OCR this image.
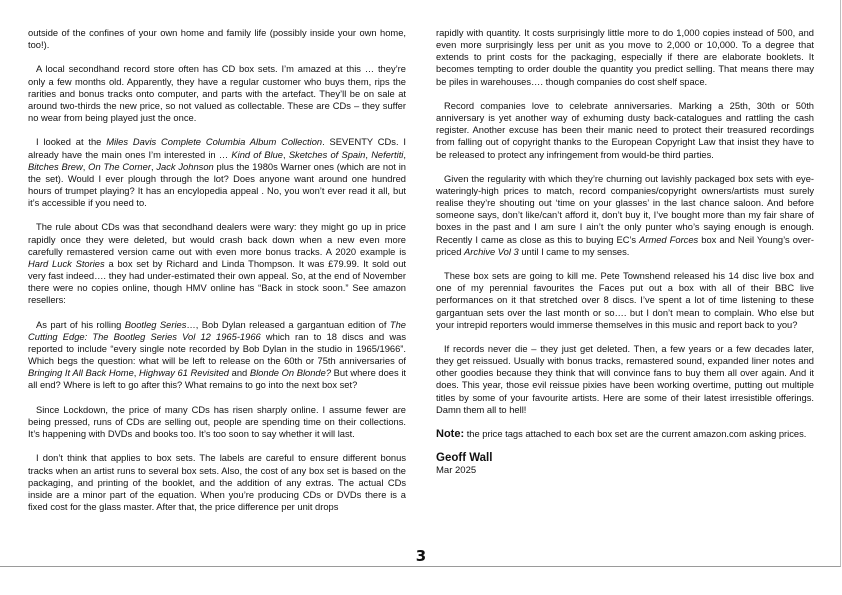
outside of the confines of your own home and family life (possibly inside your own home, too!).

A local secondhand record store often has CD box sets. I’m amazed at this … they’re only a few months old. Apparently, they have a regular customer who buys them, rips the rarities and bonus tracks onto computer, and parts with the artefact. They’ll be on sale at around two-thirds the new price, so not valued as collectable. These are CDs – they suffer no wear from being played just the once.

I looked at the Miles Davis Complete Columbia Album Collection. SEVENTY CDs. I already have the main ones I’m interested in … Kind of Blue, Sketches of Spain, Nefertiti, Bitches Brew, On The Corner, Jack Johnson plus the 1980s Warner ones (which are not in the set). Would I ever plough through the lot? Does anyone want around one hundred hours of trumpet playing? It has an encylopedia appeal . No, you won’t ever read it all, but it’s accessible if you need to.

The rule about CDs was that secondhand dealers were wary: they might go up in price rapidly once they were deleted, but would crash back down when a new even more carefully remastered version came out with even more bonus tracks. A 2020 example is Hard Luck Stories a box set by Richard and Linda Thompson. It was £79.99. It sold out very fast indeed…. they had under-estimated their own appeal. So, at the end of November there were no copies online, though HMV online has “Back in stock soon.” See amazon resellers:

As part of his rolling Bootleg Series…, Bob Dylan released a gargantuan edition of The Cutting Edge: The Bootleg Series Vol 12 1965-1966 which ran to 18 discs and was reported to include “every single note recorded by Bob Dylan in the studio in 1965/1966”. Which begs the question: what will be left to release on the 60th or 75th anniversaries of Bringing It All Back Home, Highway 61 Revisited and Blonde On Blonde? But where does it all end? Where is left to go after this? What remains to go into the next box set?

Since Lockdown, the price of many CDs has risen sharply online. I assume fewer are being pressed, runs of CDs are selling out, people are spending time on their collections. It’s happening with DVDs and books too. It’s too soon to say whether it will last.

I don’t think that applies to box sets. The labels are careful to ensure different bonus tracks when an artist runs to several box sets. Also, the cost of any box set is based on the packaging, and printing of the booklet, and the addition of any extras. The actual CDs inside are a minor part of the equation. When you’re producing CDs or DVDs there is a fixed cost for the glass master. After that, the price difference per unit drops

rapidly with quantity. It costs surprisingly little more to do 1,000 copies instead of 500, and even more surprisingly less per unit as you move to 2,000 or 10,000. To a degree that extends to print costs for the packaging, especially if there are elaborate booklets. It becomes tempting to order double the quantity you predict selling. That means there may be piles in warehouses…. though companies do cost shelf space.

Record companies love to celebrate anniversaries. Marking a 25th, 30th or 50th anniversary is yet another way of exhuming dusty back-catalogues and rattling the cash register. Another excuse has been their manic need to protect their treasured recordings from falling out of copyright thanks to the European Copyright Law that insist they have to be released to protect any infringement from would-be third parties.

Given the regularity with which they’re churning out lavishly packaged box sets with eye-wateringly-high prices to match, record companies/copyright owners/artists must surely realise they’re shouting out ‘time on your glasses’ in the last chance saloon. And before someone says, don’t like/can’t afford it, don’t buy it, I’ve bought more than my fair share of boxes in the past and I am sure I ain’t the only punter who’s saying enough is enough. Recently I came as close as this to buying EC’s Armed Forces box and Neil Young’s over-priced Archive Vol 3 until I came to my senses.

These box sets are going to kill me. Pete Townshend released his 14 disc live box and one of my perennial favourites the Faces put out a box with all of their BBC live performances on it that stretched over 8 discs. I’ve spent a lot of time listening to these gargantuan sets over the last month or so…. but I don’t mean to complain. Who else but your intrepid reporters would immerse themselves in this music and report back to you?

If records never die – they just get deleted. Then, a few years or a few decades later, they get reissued. Usually with bonus tracks, remastered sound, expanded liner notes and other goodies because they think that will convince fans to buy them all over again. And it does. This year, those evil reissue pixies have been working overtime, putting out multiple titles by some of your favourite artists. Here are some of their latest irresistible offerings. Damn them all to hell!

Note: the price tags attached to each box set are the current amazon.com asking prices.

Geoff Wall
Mar 2025
3
